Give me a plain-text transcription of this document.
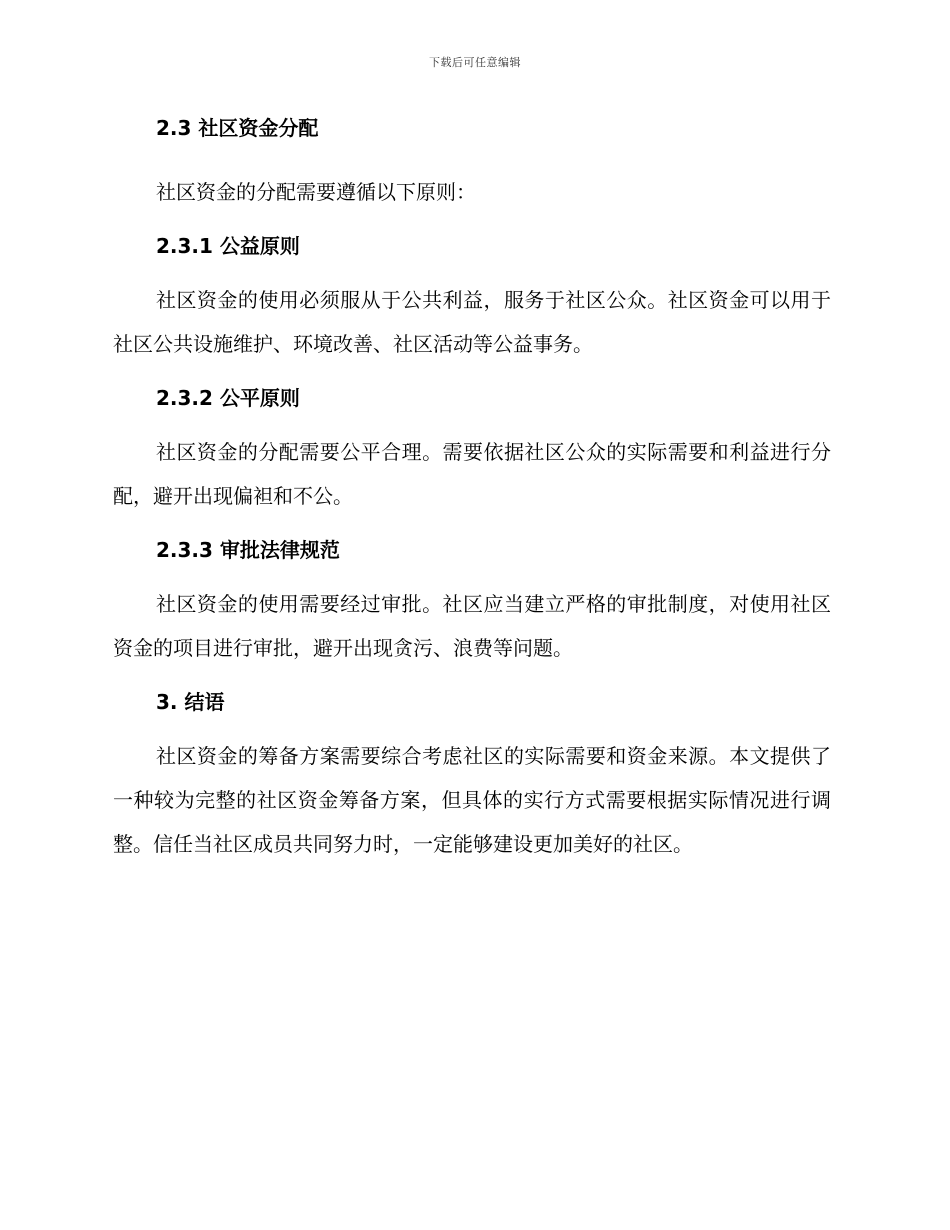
下载后可任意编辑

2.3 社区资金分配

社区资金的分配需要遵循以下原则：

2.3.1 公益原则

社区资金的使用必须服从于公共利益，服务于社区公众。社区资金可以用于社区公共设施维护、环境改善、社区活动等公益事务。

2.3.2 公平原则

社区资金的分配需要公平合理。需要依据社区公众的实际需要和利益进行分配，避开出现偏袒和不公。

2.3.3 审批法律规范

社区资金的使用需要经过审批。社区应当建立严格的审批制度，对使用社区资金的项目进行审批，避开出现贪污、浪费等问题。

3. 结语

社区资金的筹备方案需要综合考虑社区的实际需要和资金来源。本文提供了一种较为完整的社区资金筹备方案，但具体的实行方式需要根据实际情况进行调整。信任当社区成员共同努力时，一定能够建设更加美好的社区。
